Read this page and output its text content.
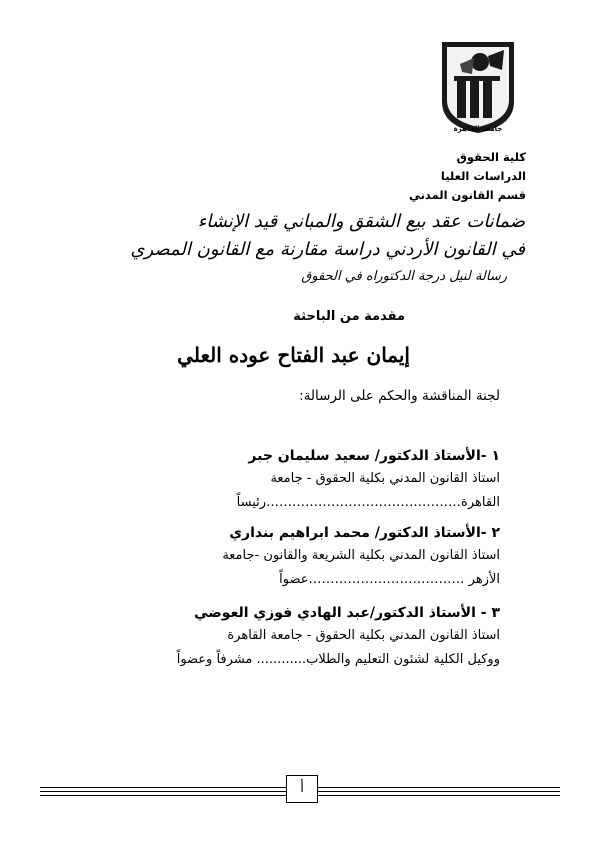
جامعة القاهرة
كلية الحقوق
الدراسات العليا
قسم القانون المدني
ضمانات عقد بيع الشقق والمباني قيد الإنشاء
في القانون الأردني دراسة مقارنة مع القانون المصري
رسالة لنيل درجة الدكتوراه في الحقوق
مقدمة من الباحثة
إيمان عبد الفتاح عوده العلي
لجنة المناقشة والحكم على الرسالة:
١ -الأستاذ الدكتور/ سعيد سليمان جبر
استاذ القانون المدني بكلية الحقوق - جامعة
القاهرة………………………………………رئيساً
٢ -الأستاذ الدكتور/ محمد ابراهيم بنداري
استاذ القانون المدني بكلية الشريعة والقانون -جامعة
الأزهر ………………………………عضواً
٣ - الأستاذ الدكتور/عبد الهادي فوزي العوضي
استاذ القانون المدني بكلية الحقوق - جامعة القاهرة
ووكيل الكلية لشئون التعليم والطلاب............ مشرفاً وعضواً
أ
